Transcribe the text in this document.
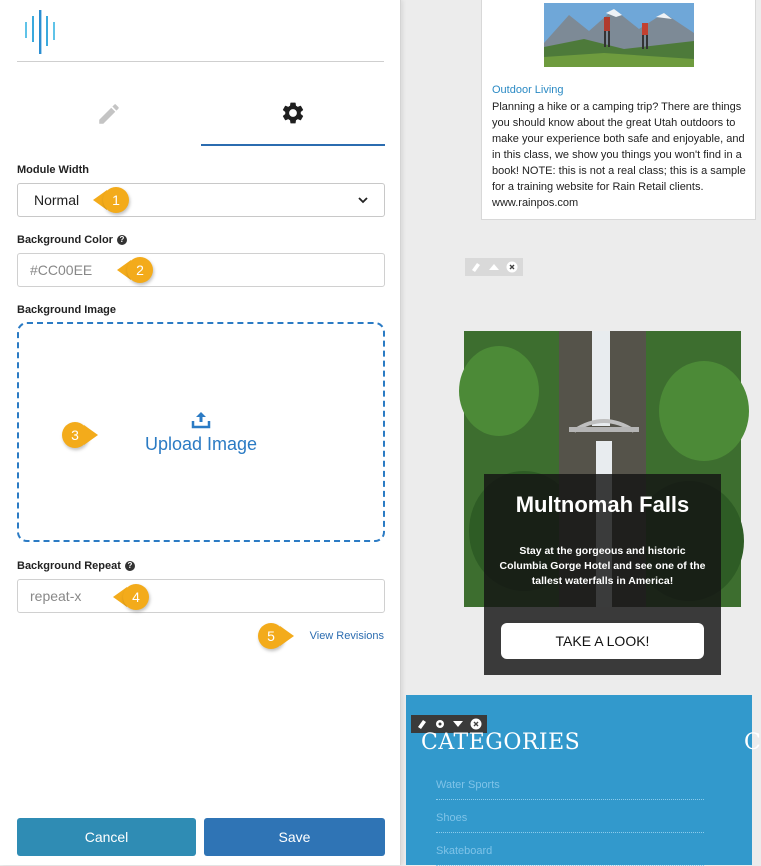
Module Width
Normal
Background Color ?
#CC00EE
Background Image
Upload Image
Background Repeat ?
repeat-x
View Revisions
Cancel	Save
1
2
3
4
5
Outdoor Living
Planning a hike or a camping trip? There are things you should know about the great Utah outdoors to make your experience both safe and enjoyable, and in this class, we show you things you won't find in a book! NOTE: this is not a real class; this is a sample for a training website for Rain Retail clients. www.rainpos.com
Multnomah Falls
Stay at the gorgeous and historic Columbia Gorge Hotel and see one of the tallest waterfalls in America!
TAKE A LOOK!
CATEGORIES	C
Water Sports
Shoes
Skateboard
